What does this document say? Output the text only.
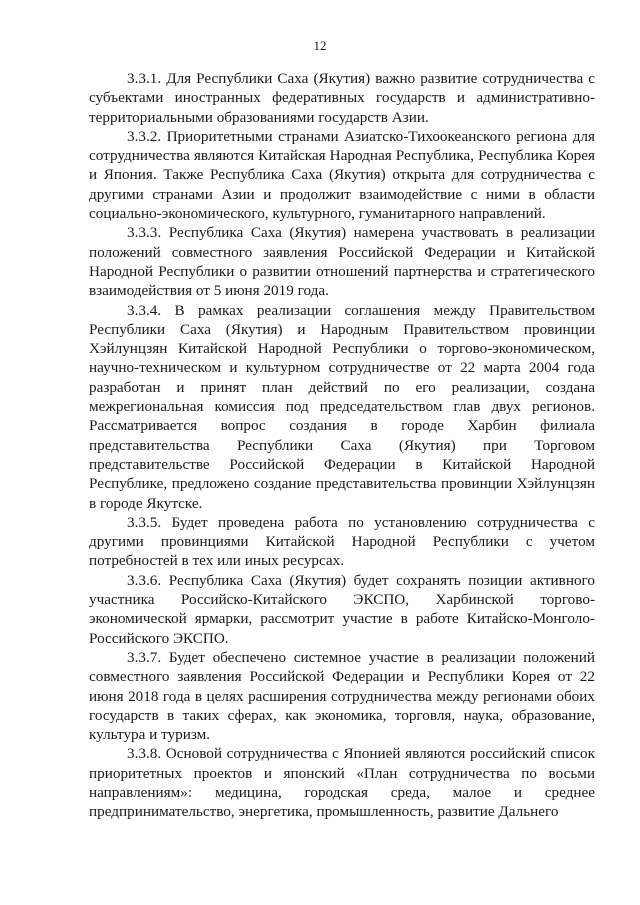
12

3.3.1. Для Республики Саха (Якутия) важно развитие сотрудничества с субъектами иностранных федеративных государств и административно-территориальными образованиями государств Азии.

3.3.2. Приоритетными странами Азиатско-Тихоокеанского региона для сотрудничества являются Китайская Народная Республика, Республика Корея и Япония. Также Республика Саха (Якутия) открыта для сотрудничества с другими странами Азии и продолжит взаимодействие с ними в области социально-экономического, культурного, гуманитарного направлений.

3.3.3. Республика Саха (Якутия) намерена участвовать в реализации положений совместного заявления Российской Федерации и Китайской Народной Республики о развитии отношений партнерства и стратегического взаимодействия от 5 июня 2019 года.

3.3.4. В рамках реализации соглашения между Правительством Республики Саха (Якутия) и Народным Правительством провинции Хэйлунцзян Китайской Народной Республики о торгово-экономическом, научно-техническом и культурном сотрудничестве от 22 марта 2004 года разработан и принят план действий по его реализации, создана межрегиональная комиссия под председательством глав двух регионов. Рассматривается вопрос создания в городе Харбин филиала представительства Республики Саха (Якутия) при Торговом представительстве Российской Федерации в Китайской Народной Республике, предложено создание представительства провинции Хэйлунцзян в городе Якутске.

3.3.5. Будет проведена работа по установлению сотрудничества с другими провинциями Китайской Народной Республики с учетом потребностей в тех или иных ресурсах.

3.3.6. Республика Саха (Якутия) будет сохранять позиции активного участника Российско-Китайского ЭКСПО, Харбинской торгово-экономической ярмарки, рассмотрит участие в работе Китайско-Монголо-Российского ЭКСПО.

3.3.7. Будет обеспечено системное участие в реализации положений совместного заявления Российской Федерации и Республики Корея от 22 июня 2018 года в целях расширения сотрудничества между регионами обоих государств в таких сферах, как экономика, торговля, наука, образование, культура и туризм.

3.3.8. Основой сотрудничества с Японией являются российский список приоритетных проектов и японский «План сотрудничества по восьми направлениям»: медицина, городская среда, малое и среднее предпринимательство, энергетика, промышленность, развитие Дальнего
